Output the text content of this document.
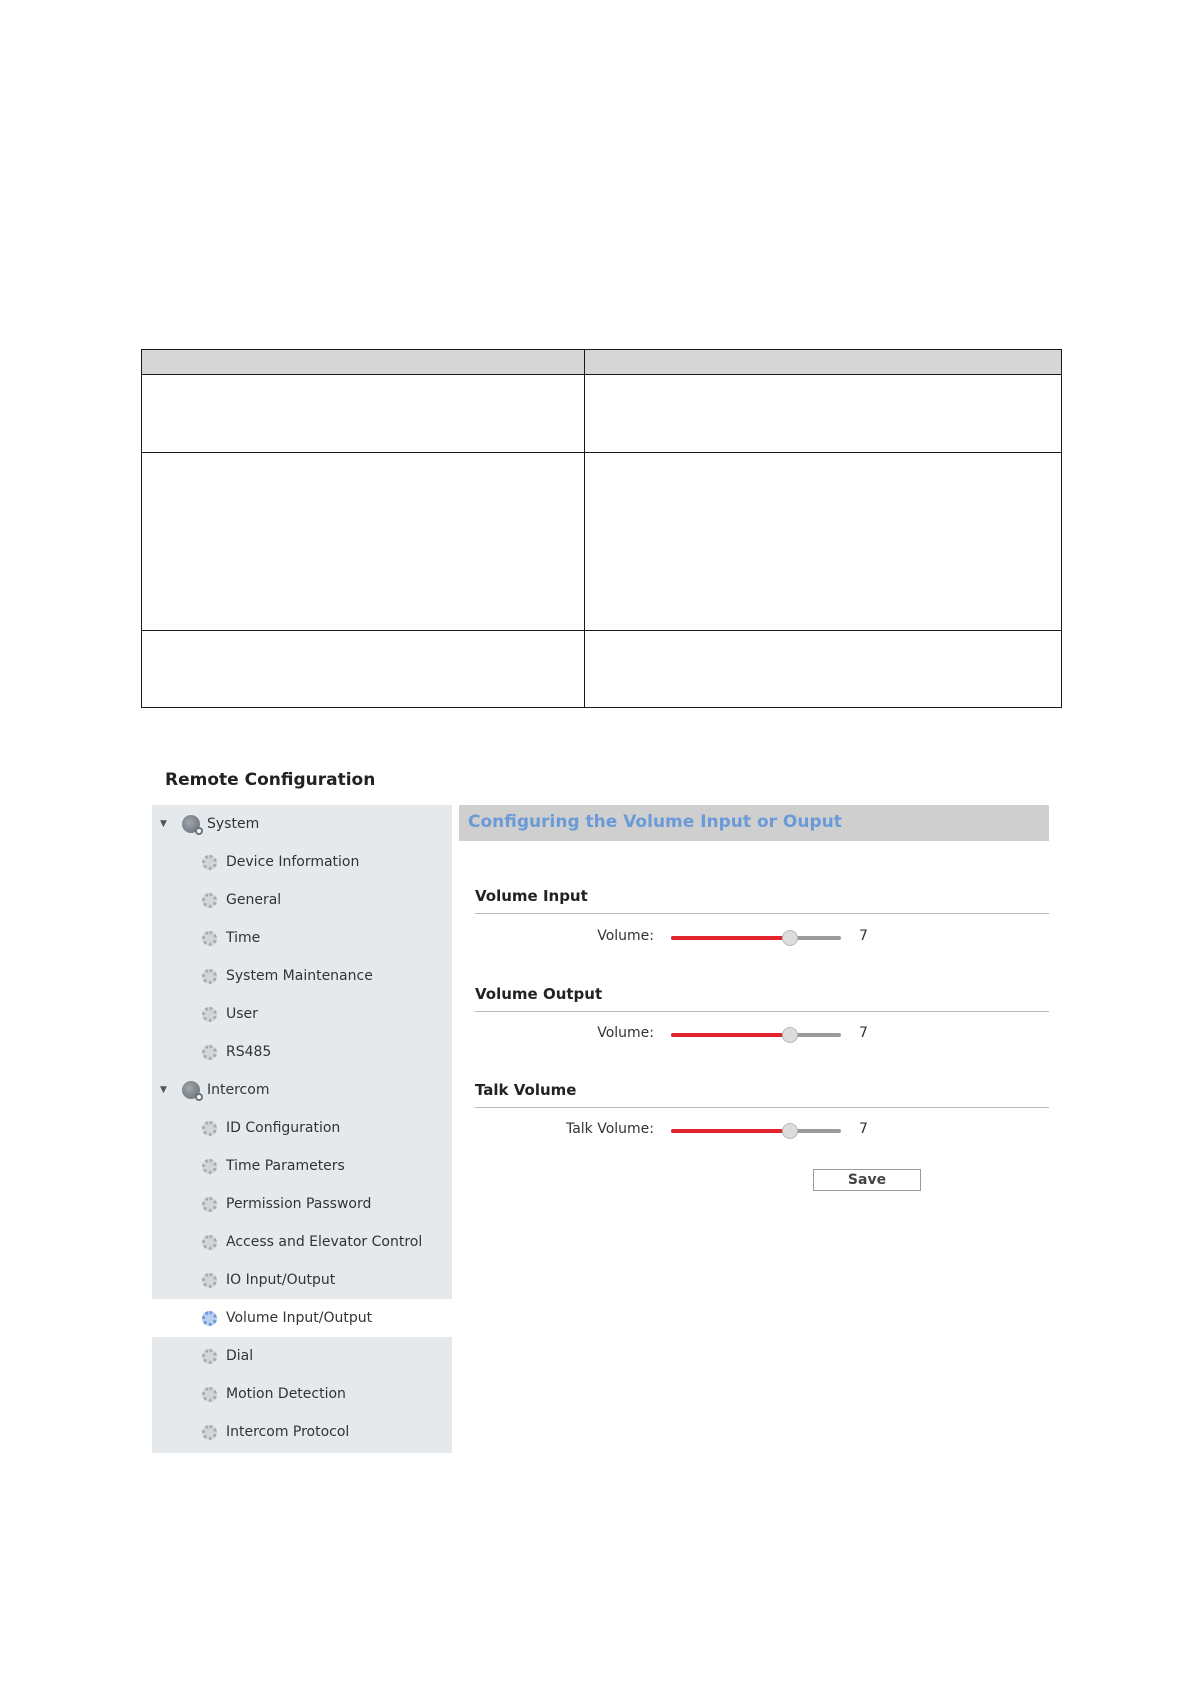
Remote Configuration
▼	System
Device Information
General
Time
System Maintenance
User
RS485
▼	Intercom
ID Configuration
Time Parameters
Permission Password
Access and Elevator Control
IO Input/Output
Volume Input/Output
Dial
Motion Detection
Intercom Protocol
Configuring the Volume Input or Ouput
Volume Input
Volume:	7
Volume Output
Volume:	7
Talk Volume
Talk Volume:	7
Save
